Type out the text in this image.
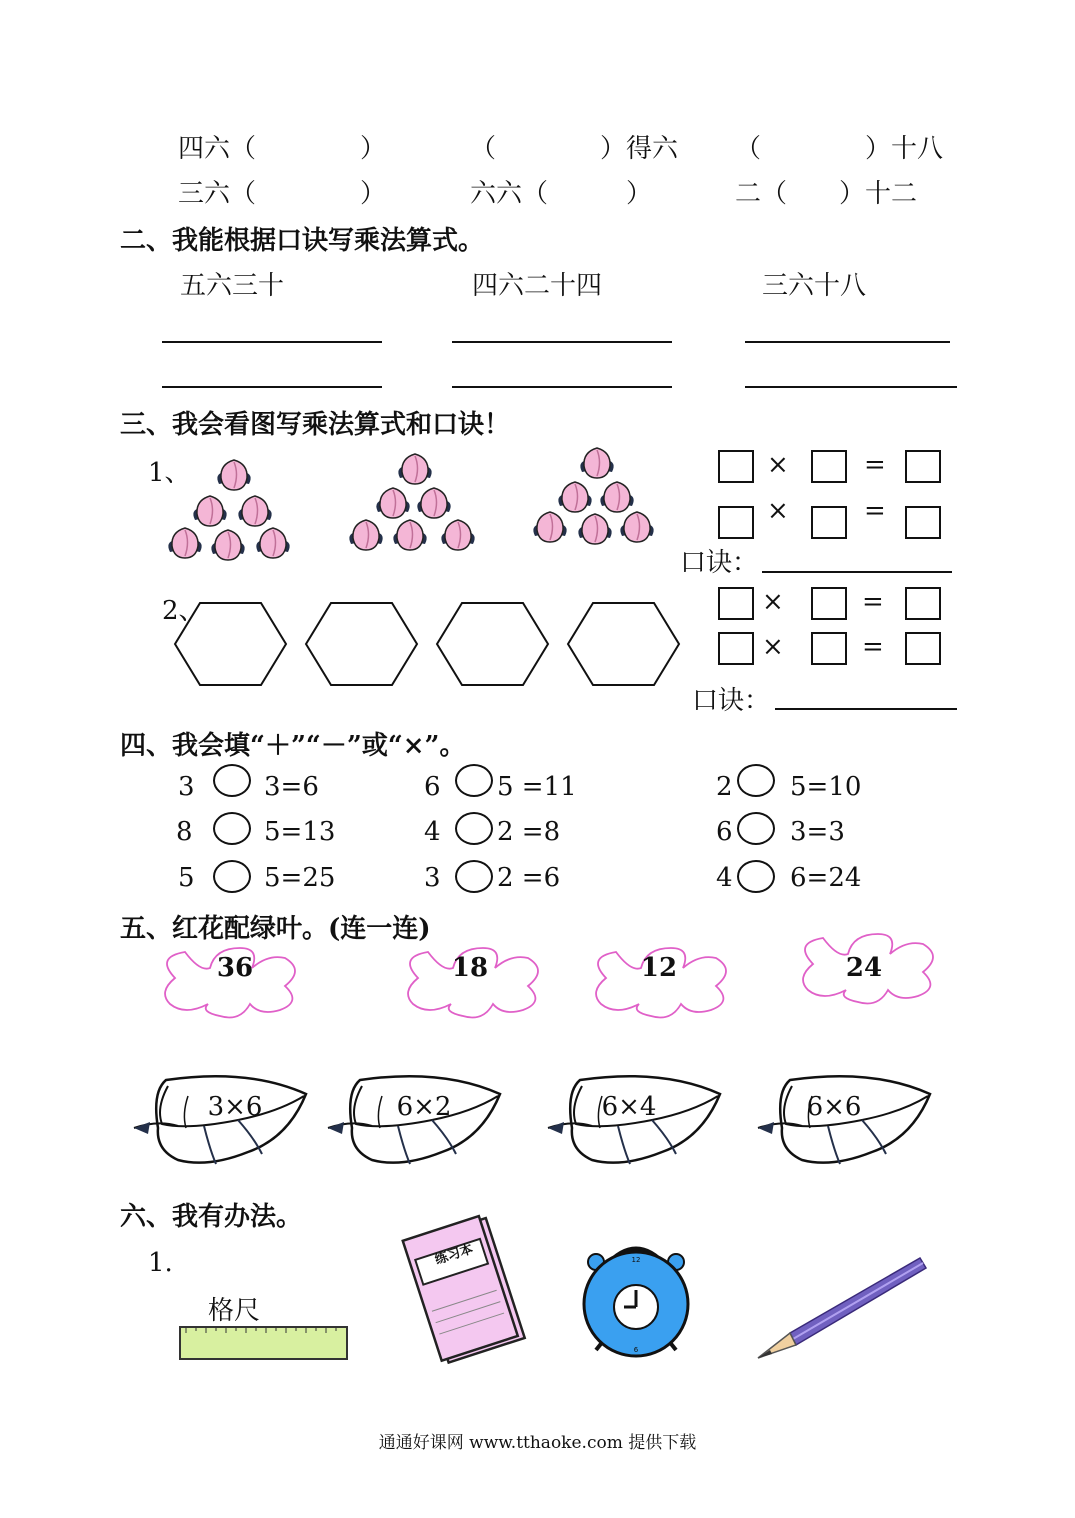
四六（　　　　）	（　　　　）得六 （　　　　）十八
三六（　　　　）	六六（　　　）	二（　　）十二
二、我能根据口诀写乘法算式。
五六三十	四六二十四	三六十八
三、我会看图写乘法算式和口诀！
1、	×	=
×	=
口诀：
2、	×	=
×	=
口诀：
四、我会填“＋”“－”或“×”。
3	3=6	6 5 =11	2 5=10
8	5=13	4 2 =8	6 3=3
5	5=25	3 2 =6	4 6=24
五、红花配绿叶。(连一连)
36	18	12	24
3×6	6×2	6×4	6×6
六、我有办法。
1.
格尺
练习本	12
6
通通好课网 www.tthaoke.com 提供下载
